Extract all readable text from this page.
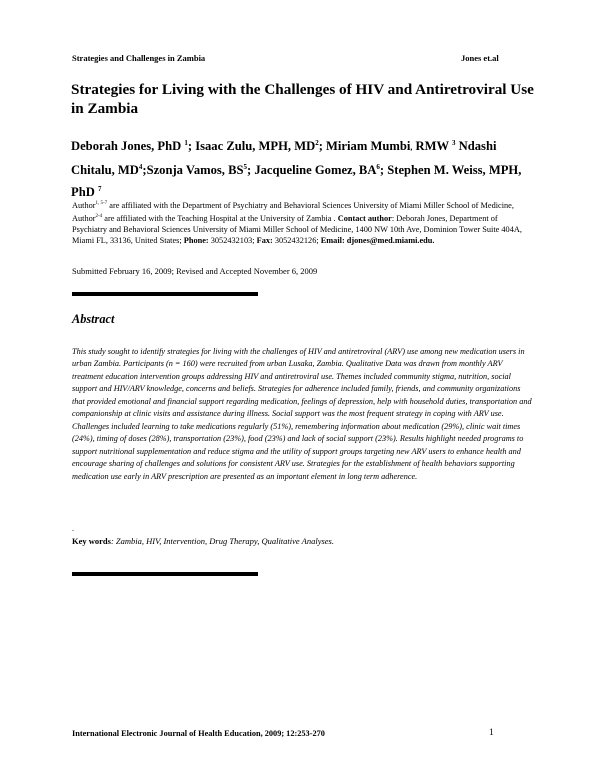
Strategies and Challenges in Zambia	Jones et.al
Strategies for Living with the Challenges of HIV and Antiretroviral Use in Zambia
Deborah Jones, PhD $^1$; Isaac Zulu, MPH, $MD^2$; Miriam Mumbi, RMW $^3$ Ndashi Chitalu, $MD^4;Szonja$ Vamos, $BS^5$; Jacqueline Gomez, $BA^6$; Stephen M. Weiss, MPH, PhD $^7$
Author$^{1, 5-7}$ are affiliated with the Department of Psychiatry and Behavioral Sciences University of Miami Miller School of Medicine, Author$^{2-4}$ are affiliated with the Teaching Hospital at the University of Zambia . Contact author: Deborah Jones, Department of Psychiatry and Behavioral Sciences University of Miami Miller School of Medicine, 1400 NW 10th Ave, Dominion Tower Suite 404A, Miami FL, 33136, United States; Phone: 3052432103; Fax: 3052432126; Email: djones@med.miami.edu.
Submitted February 16, 2009; Revised and Accepted November 6, 2009
Abstract
This study sought to identify strategies for living with the challenges of HIV and antiretroviral (ARV) use among new medication users in urban Zambia. Participants (n = 160) were recruited from urban Lusaka, Zambia. Qualitative Data was drawn from monthly ARV treatment education intervention groups addressing HIV and antiretroviral use. Themes included community stigma, nutrition, social support and HIV/ARV knowledge, concerns and beliefs. Strategies for adherence included family, friends, and community organizations that provided emotional and financial support regarding medication, feelings of depression, help with household duties, transportation and companionship at clinic visits and assistance during illness. Social support was the most frequent strategy in coping with ARV use. Challenges included learning to take medications regularly (51%), remembering information about medication (29%), clinic wait times (24%), timing of doses (28%), transportation (23%), food (23%) and lack of social support (23%). Results highlight needed programs to support nutritional supplementation and reduce stigma and the utility of support groups targeting new ARV users to enhance health and encourage sharing of challenges and solutions for consistent ARV use. Strategies for the establishment of health behaviors supporting medication use early in ARV prescription are presented as an important element in long term adherence.
.
Key words: Zambia, HIV, Intervention, Drug Therapy, Qualitative Analyses.
International Electronic Journal of Health Education, 2009; 12:253-270	1
